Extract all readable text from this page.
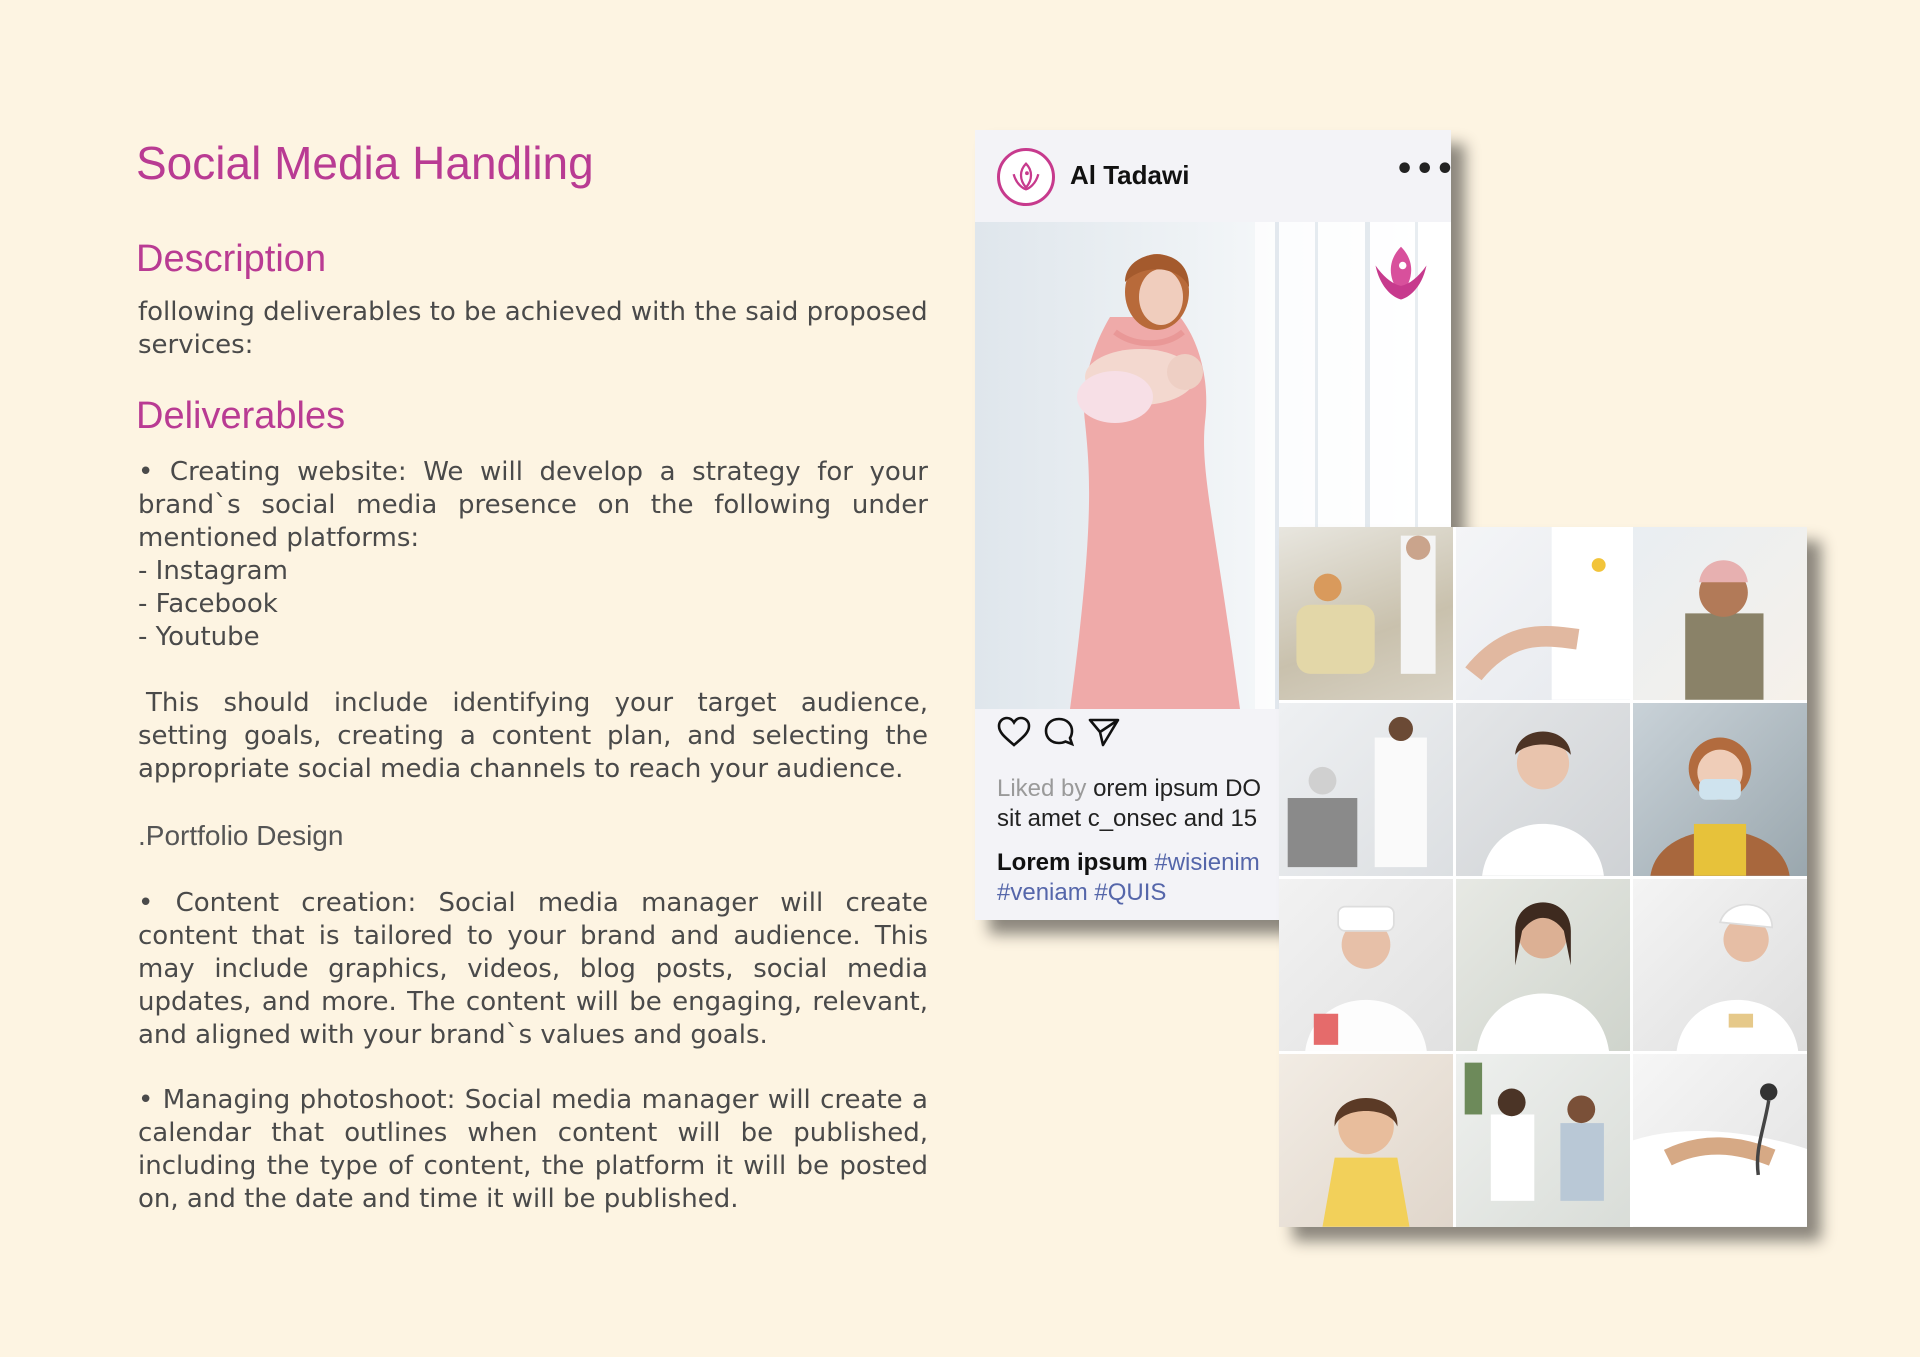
Social Media Handling
Description

following deliverables to be achieved with the said proposed services:

Deliverables

• Creating website: We will develop a strategy for your brand`s social media presence on the following under mentioned platforms:

- Instagram
- Facebook
- Youtube

This should include identifying your target audience, setting goals, creating a content plan, and selecting the appropriate social media channels to reach your audience.

.Portfolio Design

• Content creation: Social media manager will create content that is tailored to your brand and audience. This may include graphics, videos, blog posts, social media updates, and more. The content will be engaging, relevant, and aligned with your brand`s values and goals.

• Managing photoshoot: Social media manager will create a calendar that outlines when content will be published, including the type of content, the platform it will be posted on, and the date and time it will be published.

Al Tadawi	•••
Liked by orem ipsum DO
sit amet c_onsec and 15
Lorem ipsum #wisienim
#veniam #QUIS
